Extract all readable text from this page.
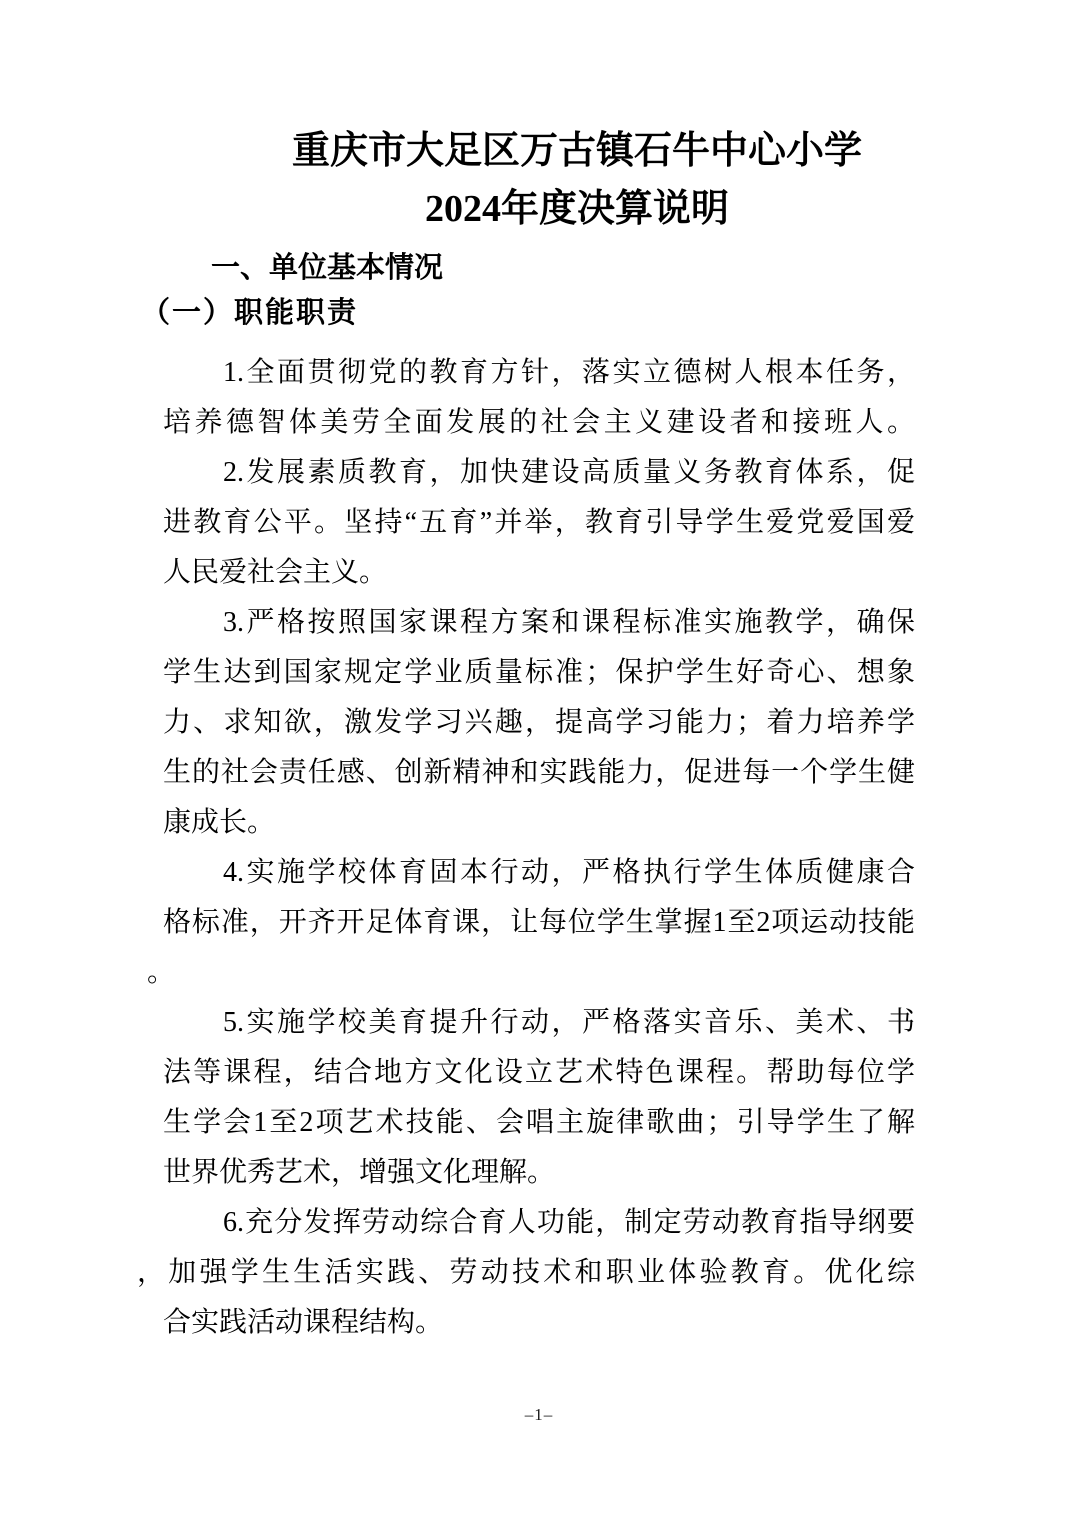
重庆市大足区万古镇石牛中心小学
2024年度决算说明
一、单位基本情况
（一）职能职责
1.全面贯彻党的教育方针，落实立德树人根本任务，
培养德智体美劳全面发展的社会主义建设者和接班人。
2.发展素质教育，加快建设高质量义务教育体系，促
进教育公平。坚持“五育”并举，教育引导学生爱党爱国爱
人民爱社会主义。
3.严格按照国家课程方案和课程标准实施教学，确保
学生达到国家规定学业质量标准；保护学生好奇心、想象
力、求知欲，激发学习兴趣，提高学习能力；着力培养学
生的社会责任感、创新精神和实践能力，促进每一个学生健
康成长。
4.实施学校体育固本行动，严格执行学生体质健康合
格标准，开齐开足体育课，让每位学生掌握1至2项运动技能
。
5.实施学校美育提升行动，严格落实音乐、美术、书
法等课程，结合地方文化设立艺术特色课程。帮助每位学
生学会1至2项艺术技能、会唱主旋律歌曲；引导学生了解
世界优秀艺术，增强文化理解。
6.充分发挥劳动综合育人功能，制定劳动教育指导纲要
，加强学生生活实践、劳动技术和职业体验教育。优化综
合实践活动课程结构。
–1–
